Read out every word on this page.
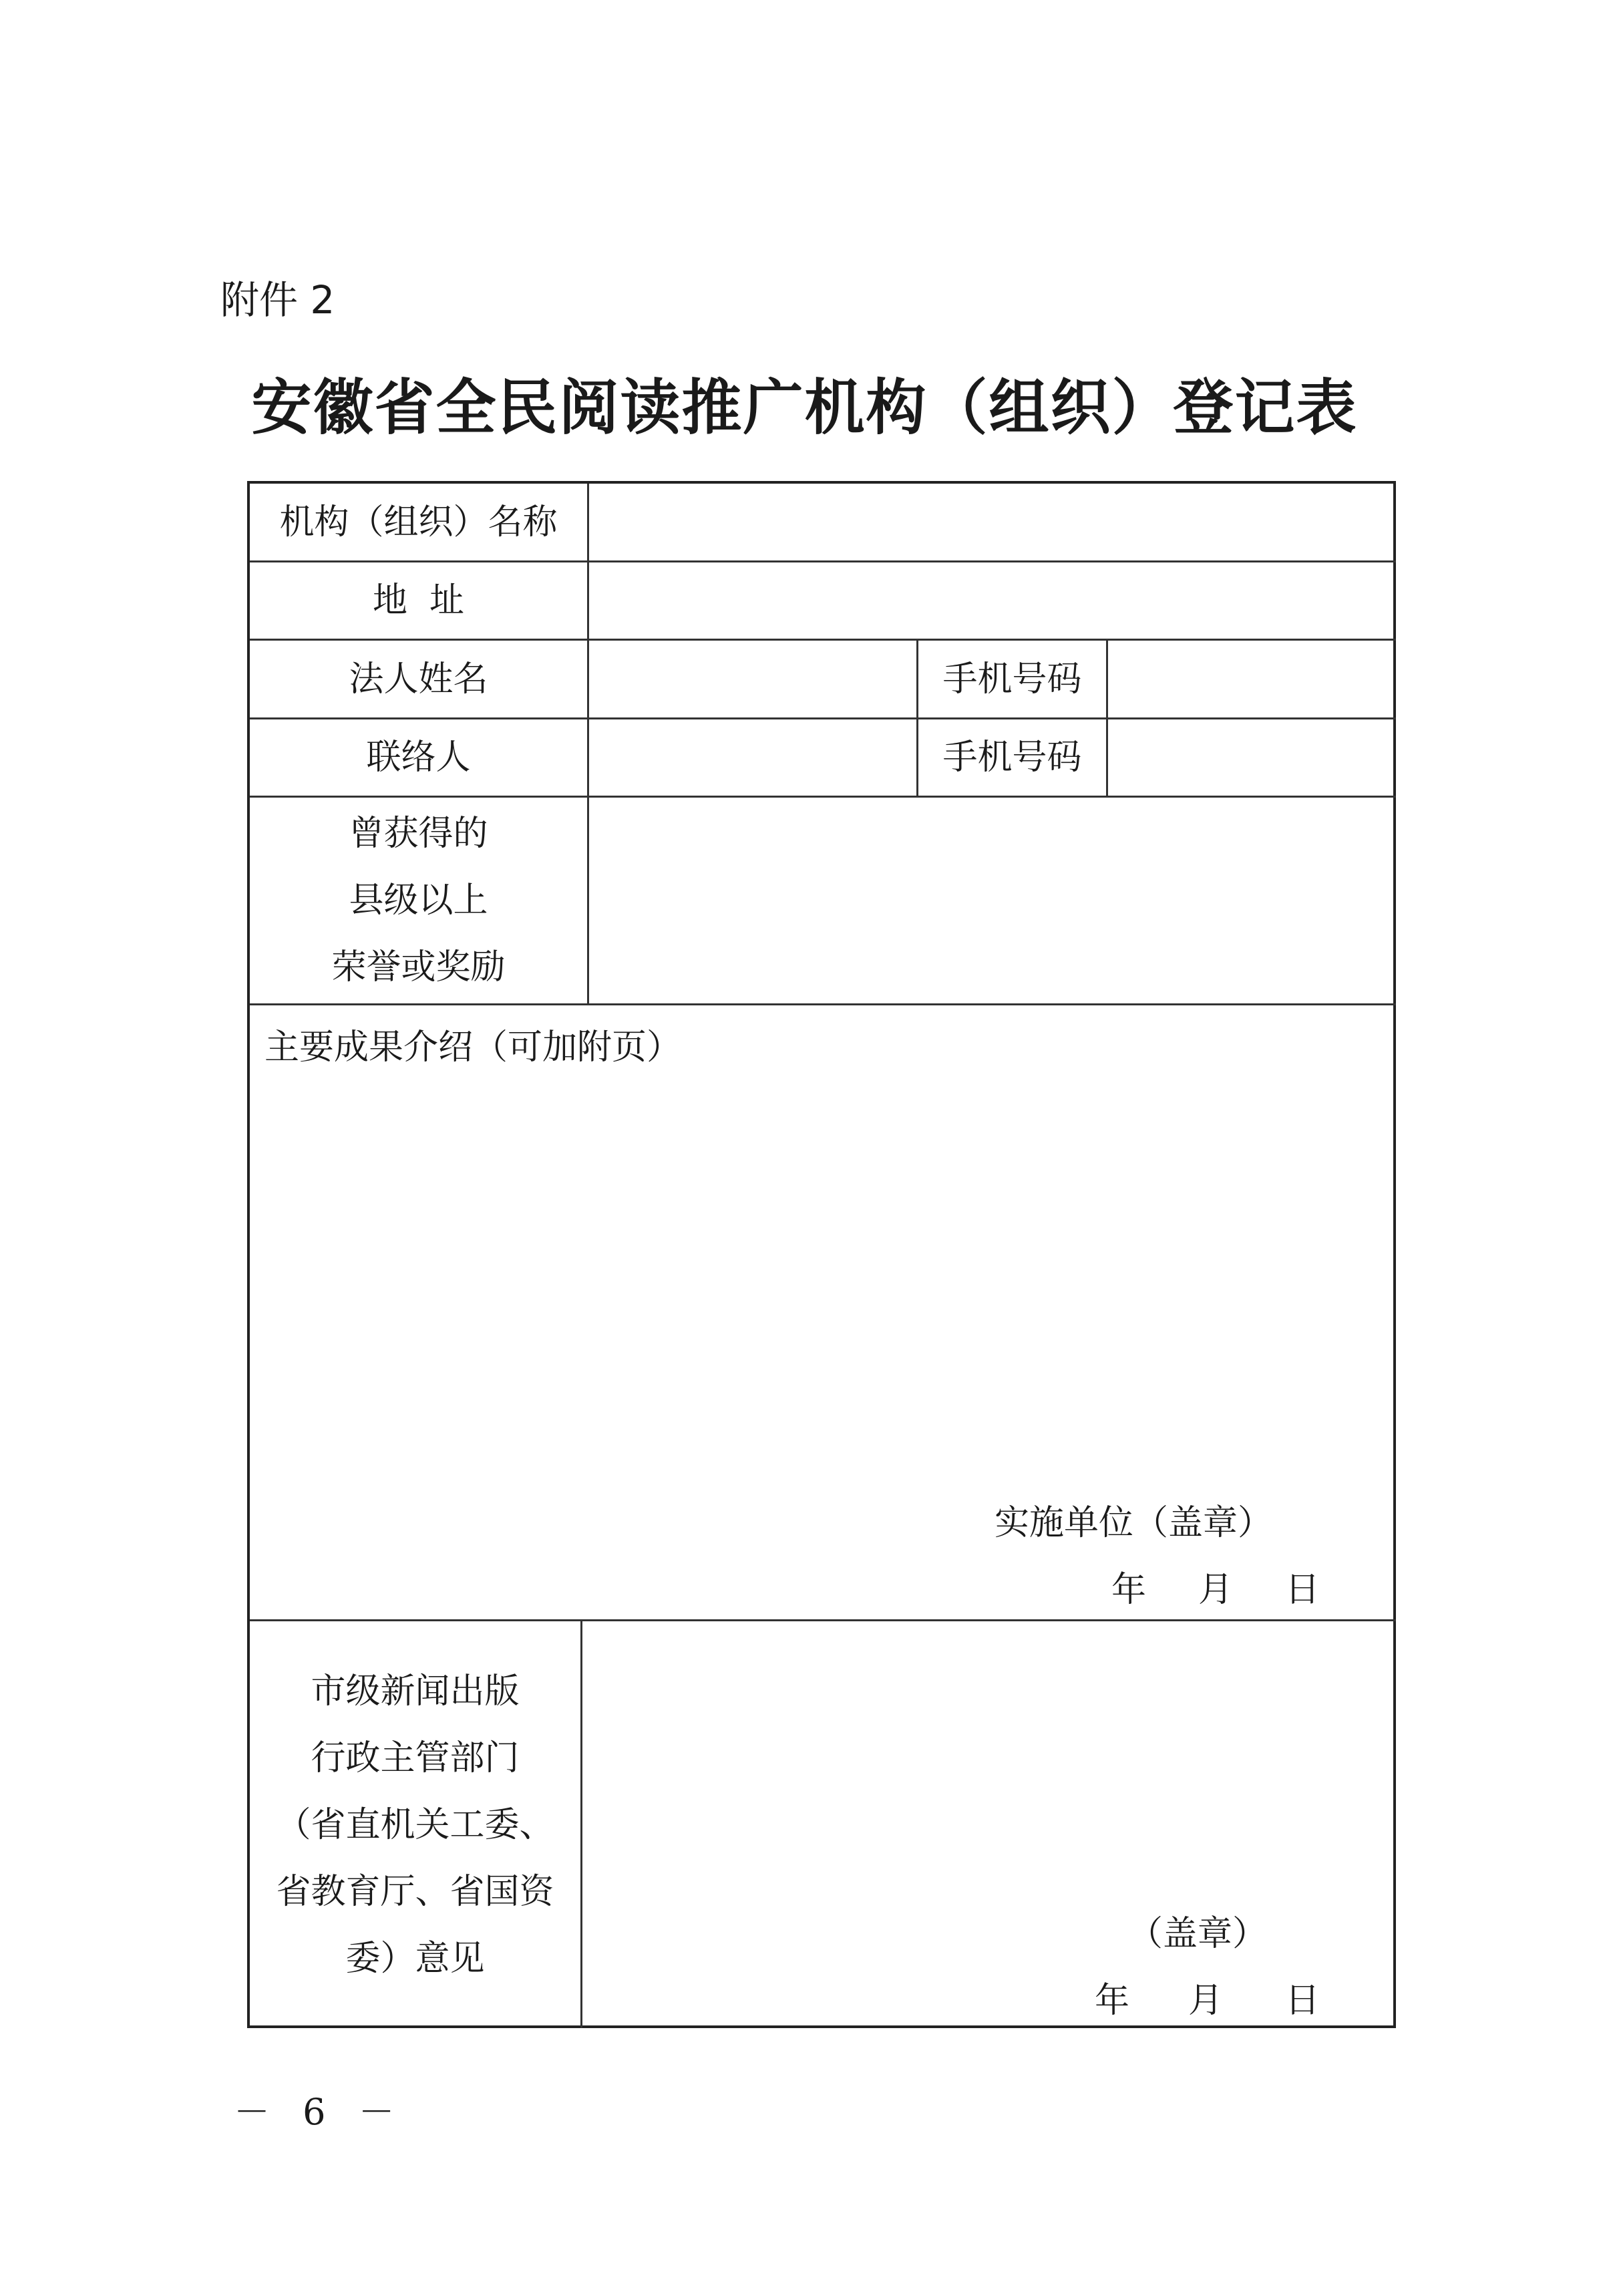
附件 2
安徽省全民阅读推广机构（组织）登记表
机构（组织）名称
地  址
法人姓名	手机号码
联络人	手机号码
曾获得的
县级以上
荣誉或奖励
主要成果介绍（可加附页）
实施单位（盖章）
年 月 日
市级新闻出版
行政主管部门
（省直机关工委、
省教育厅、省国资
委）意见
（盖章）
年 月 日
－ 6 －
